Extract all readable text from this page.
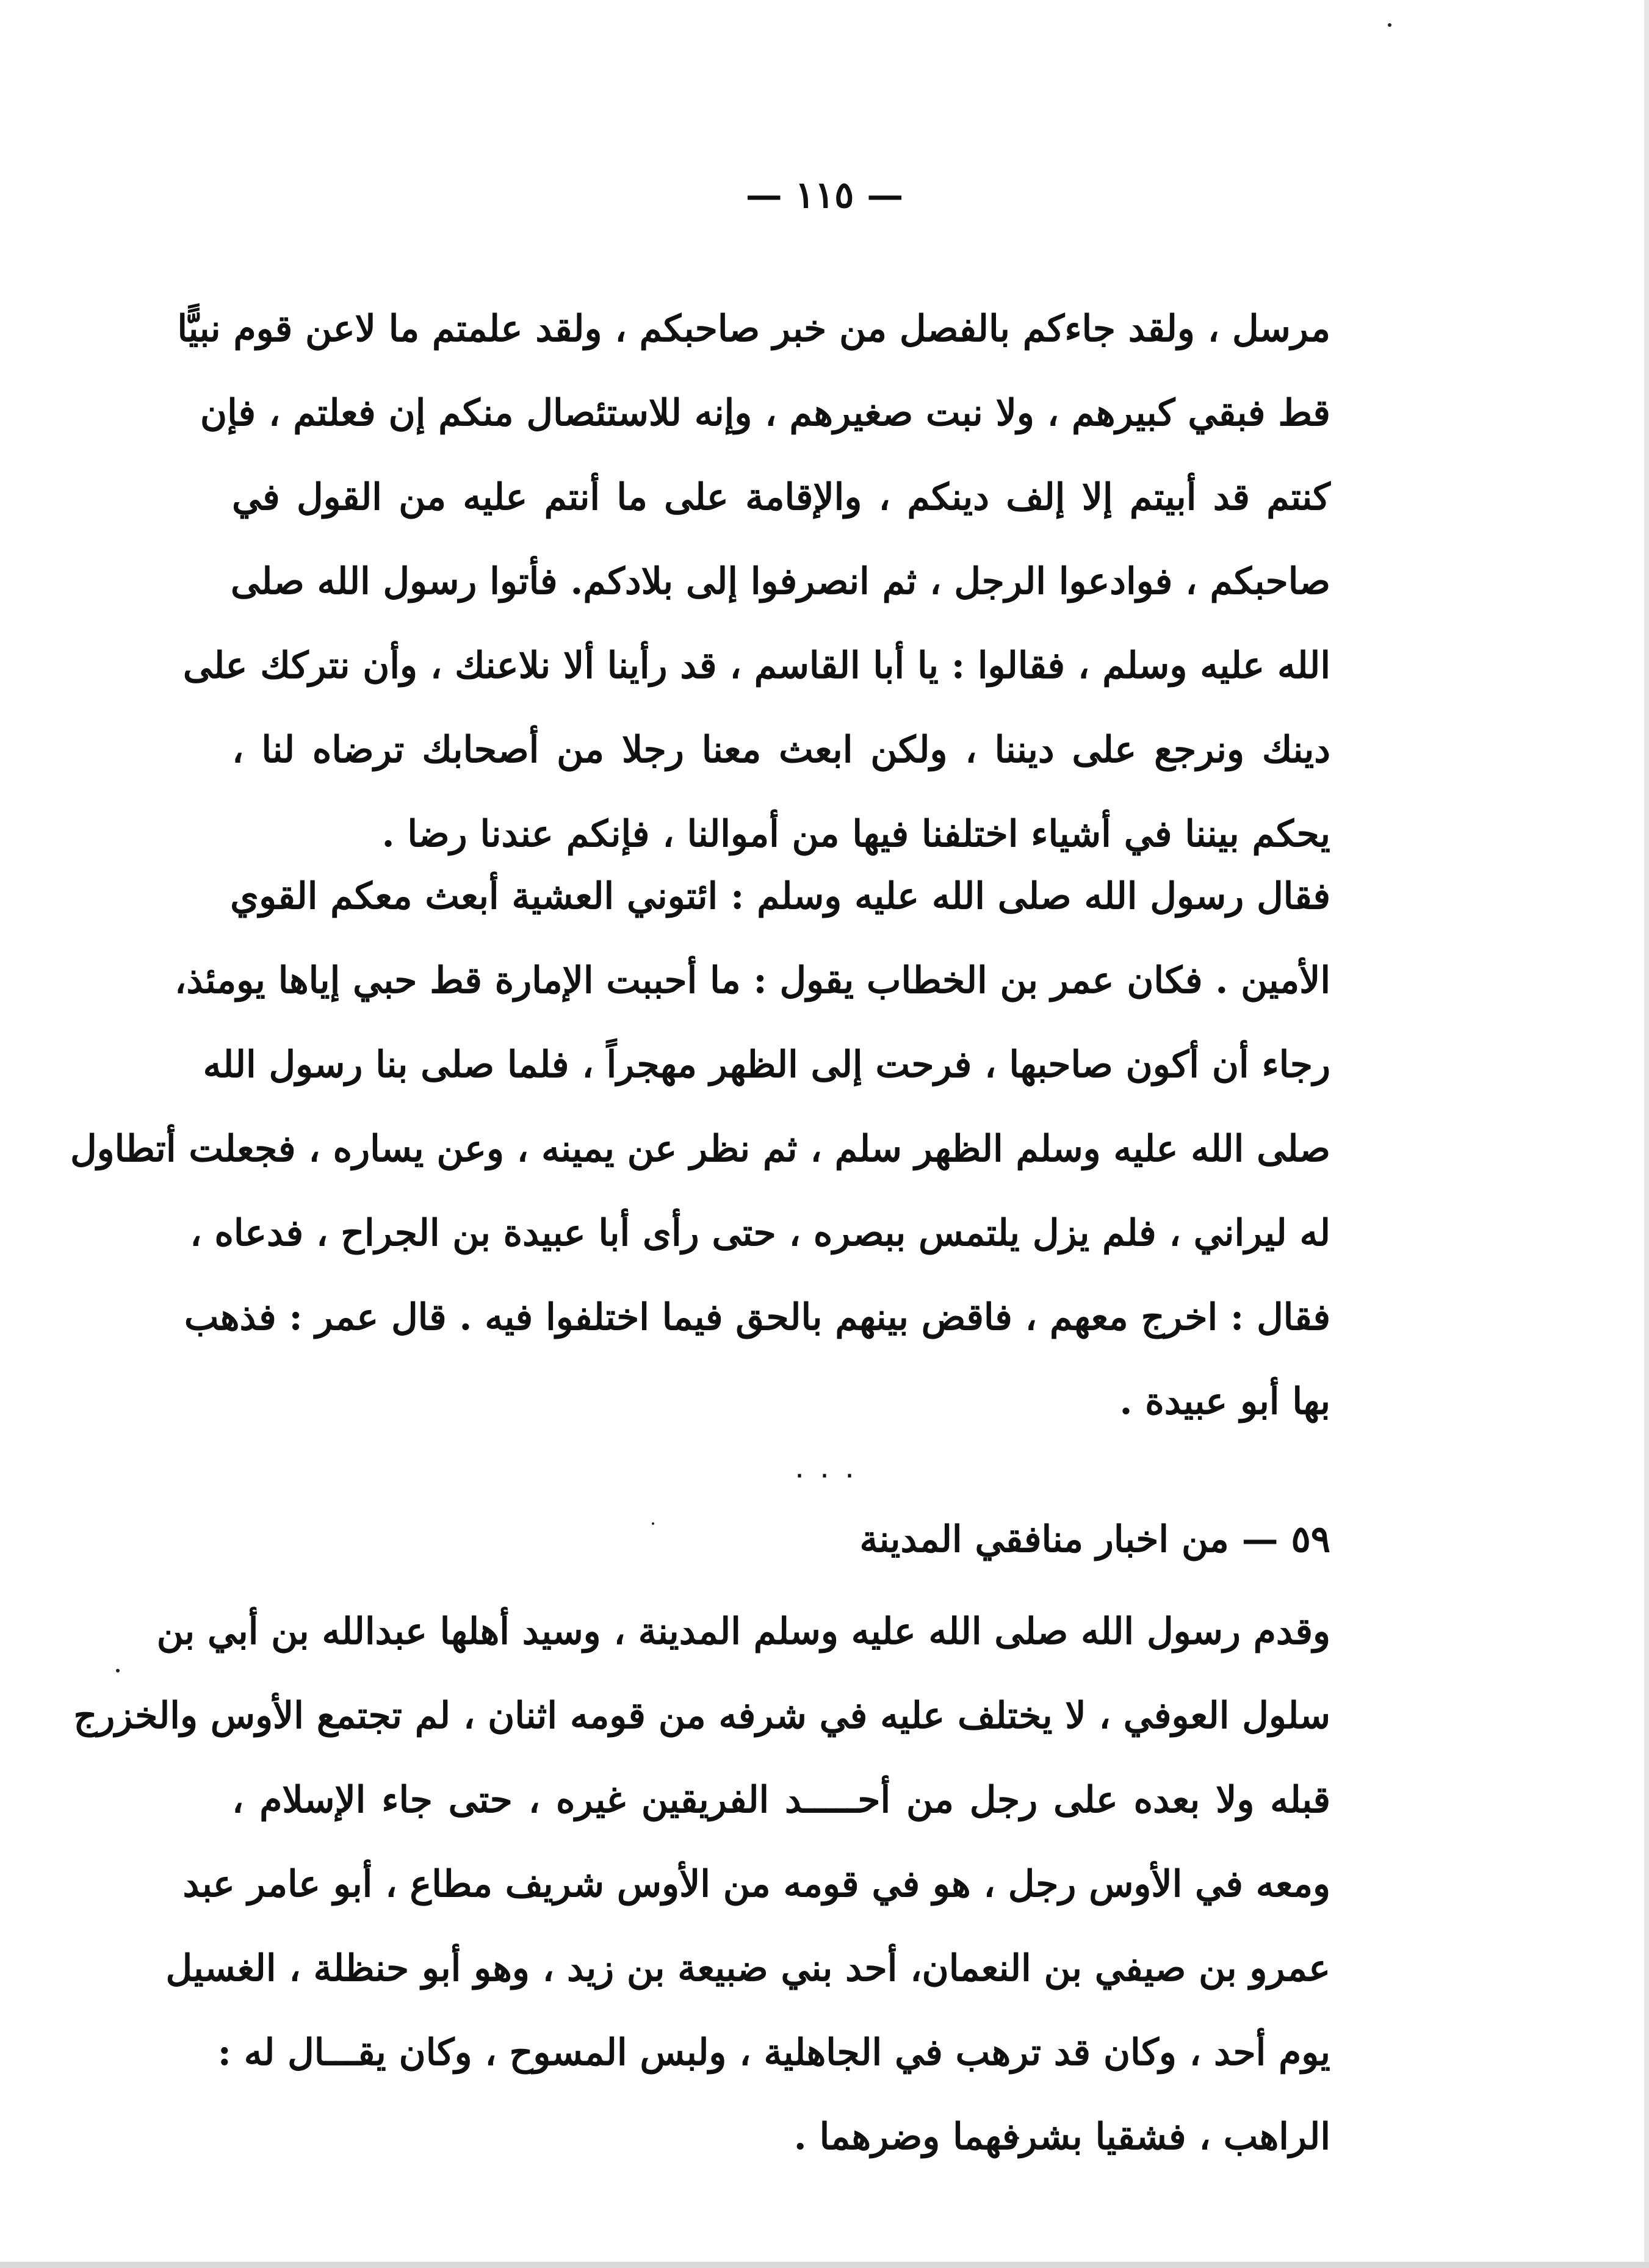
— ١١٥ —
مرسل ، ولقد جاءكم بالفصل من خبر صاحبكم ، ولقد علمتم ما لاعن قوم نبيًّا
قط فبقي كبيرهم ، ولا نبت صغيرهم ، وإنه للاستئصال منكم إن فعلتم ، فإن
كنتم قد أبيتم إلا إلف دينكم ، والإقامة على ما أنتم عليه من القول في
صاحبكم ، فوادعوا الرجل ، ثم انصرفوا إلى بلادكم. فأتوا رسول الله صلى
الله عليه وسلم ، فقالوا : يا أبا القاسم ، قد رأينا ألا نلاعنك ، وأن نتركك على
دينك ونرجع على ديننا ، ولكن ابعث معنا رجلا من أصحابك ترضاه لنا ،
يحكم بيننا في أشياء اختلفنا فيها من أموالنا ، فإنكم عندنا رضا .
فقال رسول الله صلى الله عليه وسلم : ائتوني العشية أبعث معكم القوي
الأمين . فكان عمر بن الخطاب يقول : ما أحببت الإمارة قط حبي إياها يومئذ،
رجاء أن أكون صاحبها ، فرحت إلى الظهر مهجراً ، فلما صلى بنا رسول الله
صلى الله عليه وسلم الظهر سلم ، ثم نظر عن يمينه ، وعن يساره ، فجعلت أتطاول
له ليراني ، فلم يزل يلتمس ببصره ، حتى رأى أبا عبيدة بن الجراح ، فدعاه ،
فقال : اخرج معهم ، فاقض بينهم بالحق فيما اختلفوا فيه . قال عمر : فذهب
بها أبو عبيدة .
٠ ٠ ٠
٥٩ — من اخبار منافقي المدينة
وقدم رسول الله صلى الله عليه وسلم المدينة ، وسيد أهلها عبدالله بن أبي بن
سلول العوفي ، لا يختلف عليه في شرفه من قومه اثنان ، لم تجتمع الأوس والخزرج
قبله ولا بعده على رجل من أحـــــد الفريقين غيره ، حتى جاء الإسلام ،
ومعه في الأوس رجل ، هو في قومه من الأوس شريف مطاع ، أبو عامر عبد
عمرو بن صيفي بن النعمان، أحد بني ضبيعة بن زيد ، وهو أبو حنظلة ، الغسيل
يوم أحد ، وكان قد ترهب في الجاهلية ، ولبس المسوح ، وكان يقـــال له :
الراهب ، فشقيا بشرفهما وضرهما .
